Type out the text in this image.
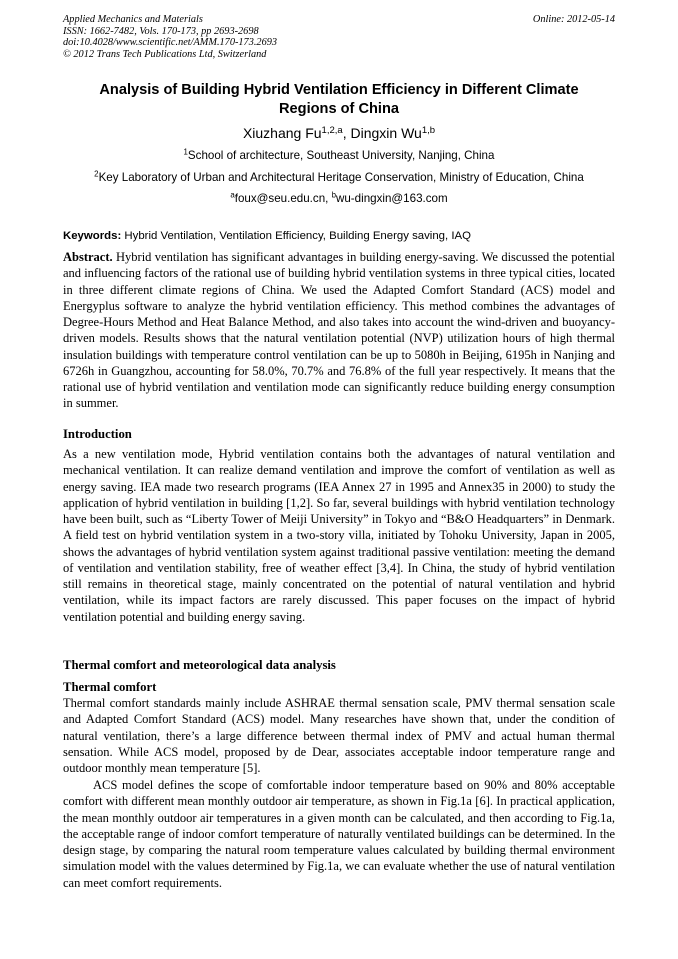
Applied Mechanics and Materials
ISSN: 1662-7482, Vols. 170-173, pp 2693-2698
doi:10.4028/www.scientific.net/AMM.170-173.2693
© 2012 Trans Tech Publications Ltd, Switzerland
Online: 2012-05-14
Analysis of Building Hybrid Ventilation Efficiency in Different Climate
Regions of China
Xiuzhang Fu$^{1,2,a}$, Dingxin Wu$^{1,b}$
$^1$School of architecture, Southeast University, Nanjing, China
$^2$Key Laboratory of Urban and Architectural Heritage Conservation, Ministry of Education, China
$^a$foux@seu.edu.cn, $^b$wu-dingxin@163.com
Keywords: Hybrid Ventilation, Ventilation Efficiency, Building Energy saving, IAQ
Abstract. Hybrid ventilation has significant advantages in building energy-saving. We discussed the potential and influencing factors of the rational use of building hybrid ventilation systems in three typical cities, located in three different climate regions of China. We used the Adapted Comfort Standard (ACS) model and Energyplus software to analyze the hybrid ventilation efficiency. This method combines the advantages of Degree-Hours Method and Heat Balance Method, and also takes into account the wind-driven and buoyancy-driven models. Results shows that the natural ventilation potential (NVP) utilization hours of high thermal insulation buildings with temperature control ventilation can be up to 5080h in Beijing, 6195h in Nanjing and 6726h in Guangzhou, accounting for 58.0%, 70.7% and 76.8% of the full year respectively. It means that the rational use of hybrid ventilation and ventilation mode can significantly reduce building energy consumption in summer.
Introduction
As a new ventilation mode, Hybrid ventilation contains both the advantages of natural ventilation and mechanical ventilation. It can realize demand ventilation and improve the comfort of ventilation as well as energy saving. IEA made two research programs (IEA Annex 27 in 1995 and Annex35 in 2000) to study the application of hybrid ventilation in building [1,2]. So far, several buildings with hybrid ventilation technology have been built, such as “Liberty Tower of Meiji University” in Tokyo and “B&O Headquarters” in Denmark. A field test on hybrid ventilation system in a two-story villa, initiated by Tohoku University, Japan in 2005, shows the advantages of hybrid ventilation system against traditional passive ventilation: meeting the demand of ventilation and ventilation stability, free of weather effect [3,4]. In China, the study of hybrid ventilation still remains in theoretical stage, mainly concentrated on the potential of natural ventilation and hybrid ventilation, while its impact factors are rarely discussed. This paper focuses on the impact of hybrid ventilation potential and building energy saving.
Thermal comfort and meteorological data analysis
Thermal comfort
Thermal comfort standards mainly include ASHRAE thermal sensation scale, PMV thermal sensation scale and Adapted Comfort Standard (ACS) model. Many researches have shown that, under the condition of natural ventilation, there’s a large difference between thermal index of PMV and actual human thermal sensation. While ACS model, proposed by de Dear, associates acceptable indoor temperature range and outdoor monthly mean temperature [5].
ACS model defines the scope of comfortable indoor temperature based on 90% and 80% acceptable comfort with different mean monthly outdoor air temperature, as shown in Fig.1a [6]. In practical application, the mean monthly outdoor air temperatures in a given month can be calculated, and then according to Fig.1a, the acceptable range of indoor comfort temperature of naturally ventilated buildings can be determined. In the design stage, by comparing the natural room temperature values calculated by building thermal environment simulation model with the values determined by Fig.1a, we can evaluate whether the use of natural ventilation can meet comfort requirements.
